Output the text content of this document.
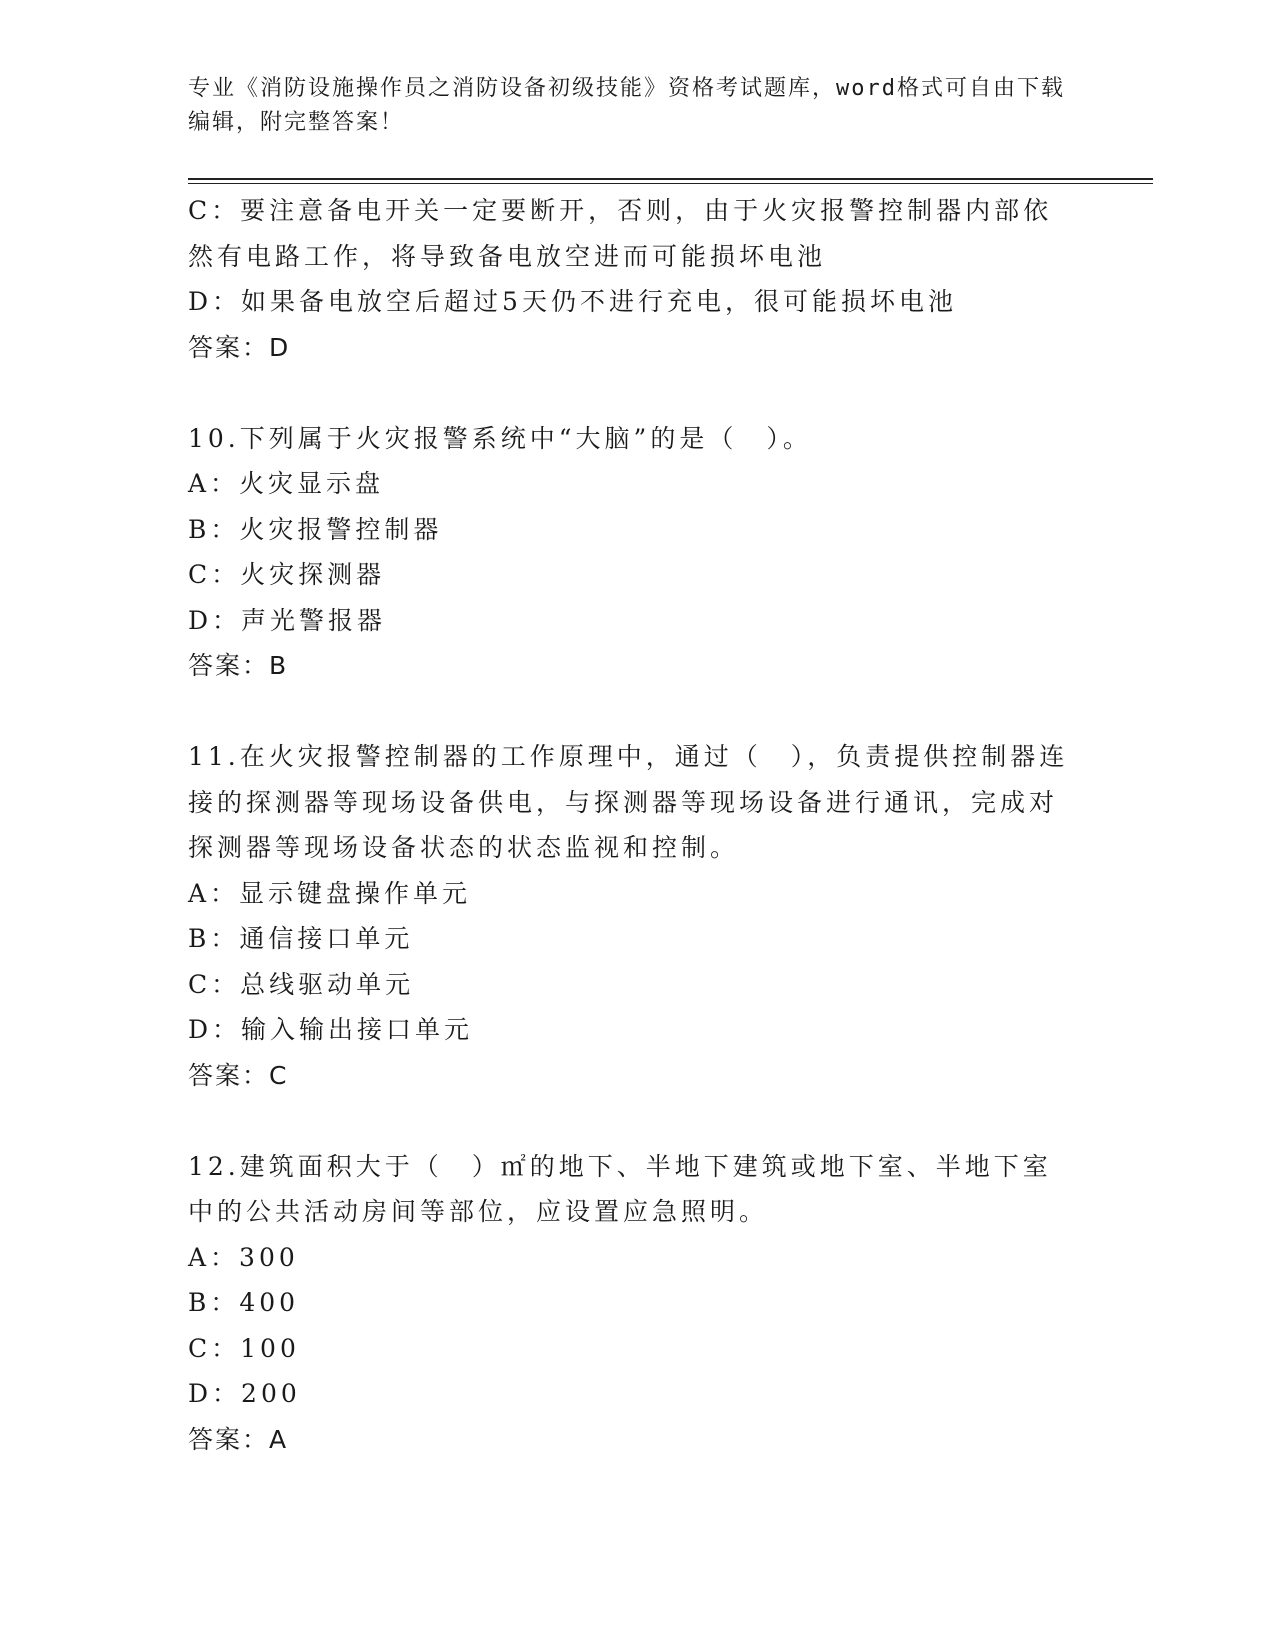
专业《消防设施操作员之消防设备初级技能》资格考试题库，word格式可自由下载编辑，附完整答案！
C：要注意备电开关一定要断开，否则，由于火灾报警控制器内部依然有电路工作，将导致备电放空进而可能损坏电池
D：如果备电放空后超过5天仍不进行充电，很可能损坏电池
答案：D
10.下列属于火灾报警系统中“大脑”的是（　）。
A：火灾显示盘
B：火灾报警控制器
C：火灾探测器
D：声光警报器
答案：B
11.在火灾报警控制器的工作原理中，通过（　），负责提供控制器连接的探测器等现场设备供电，与探测器等现场设备进行通讯，完成对探测器等现场设备状态的状态监视和控制。
A：显示键盘操作单元
B：通信接口单元
C：总线驱动单元
D：输入输出接口单元
答案：C
12.建筑面积大于（　）㎡的地下、半地下建筑或地下室、半地下室中的公共活动房间等部位，应设置应急照明。
A：300
B：400
C：100
D：200
答案：A
